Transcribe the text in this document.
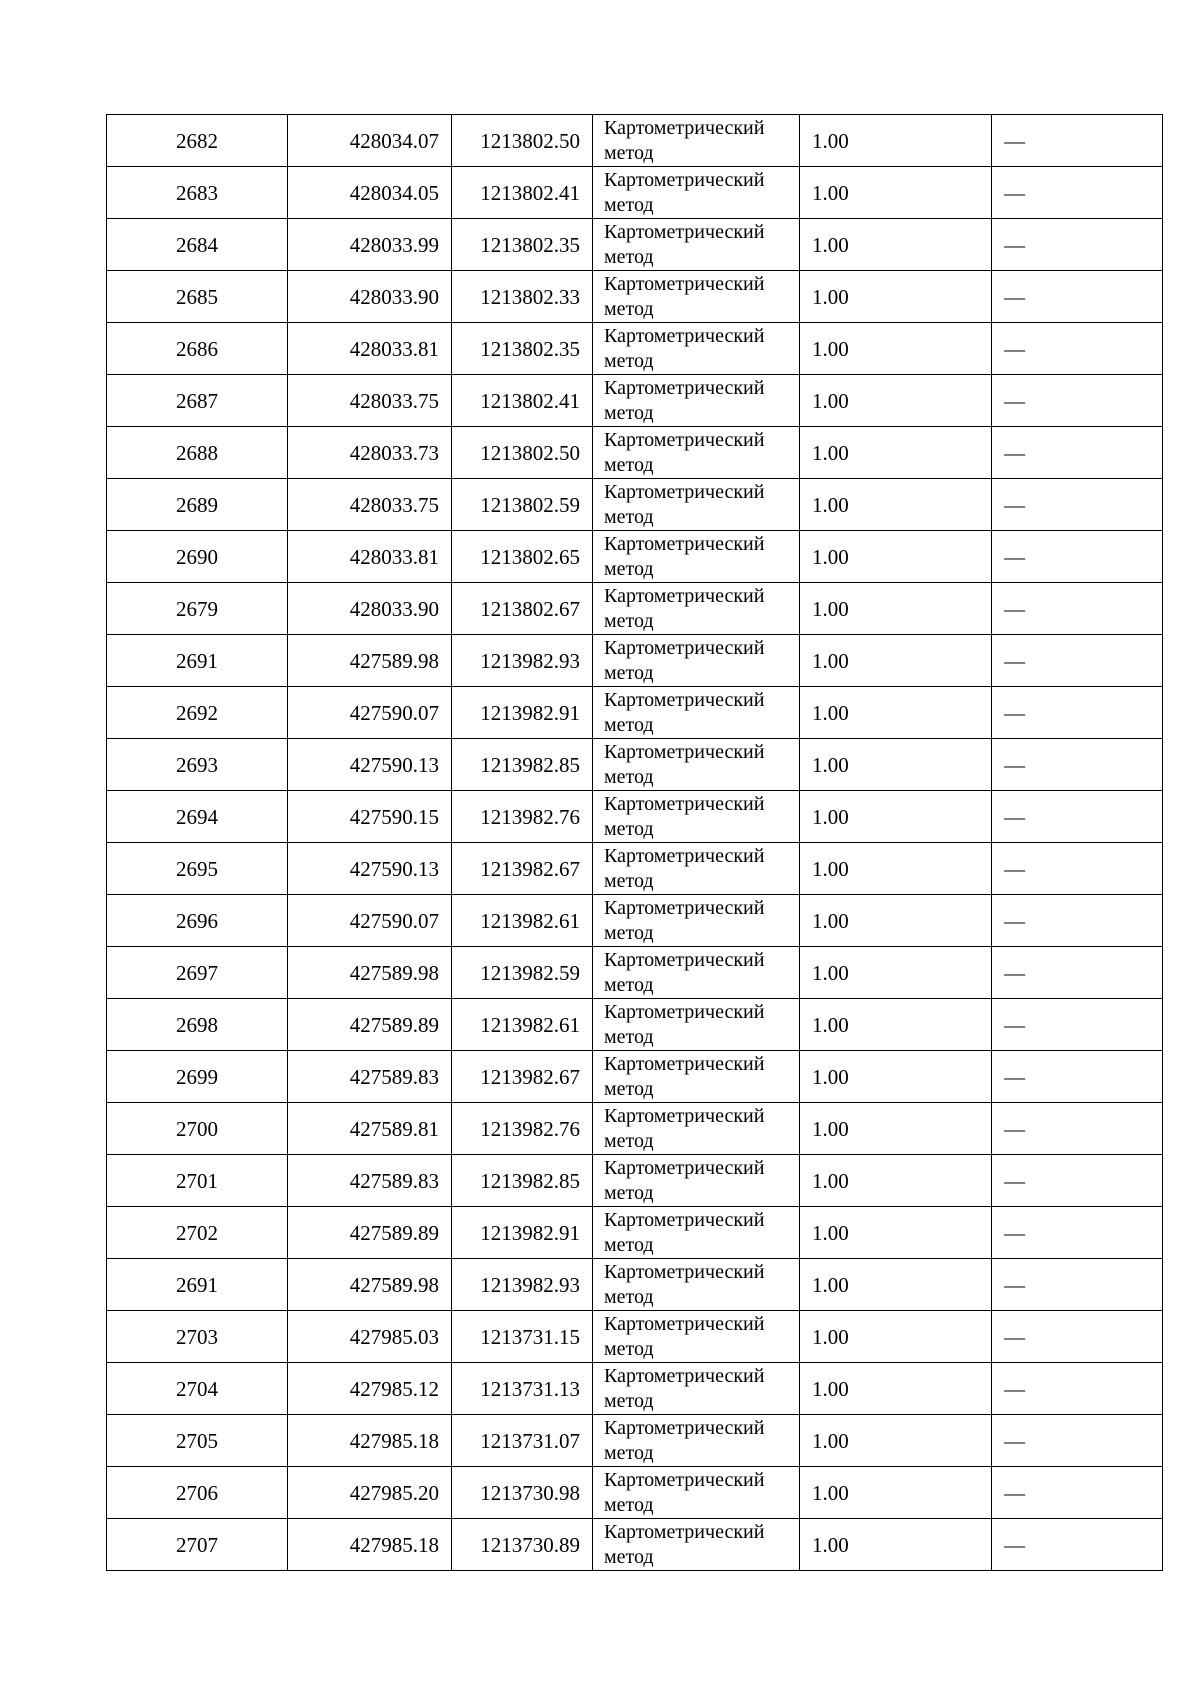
2682	428034.07	1213802.50	Картометрический
метод	1.00	—
2683	428034.05	1213802.41	Картометрический
метод	1.00	—
2684	428033.99	1213802.35	Картометрический
метод	1.00	—
2685	428033.90	1213802.33	Картометрический
метод	1.00	—
2686	428033.81	1213802.35	Картометрический
метод	1.00	—
2687	428033.75	1213802.41	Картометрический
метод	1.00	—
2688	428033.73	1213802.50	Картометрический
метод	1.00	—
2689	428033.75	1213802.59	Картометрический
метод	1.00	—
2690	428033.81	1213802.65	Картометрический
метод	1.00	—
2679	428033.90	1213802.67	Картометрический
метод	1.00	—
2691	427589.98	1213982.93	Картометрический
метод	1.00	—
2692	427590.07	1213982.91	Картометрический
метод	1.00	—
2693	427590.13	1213982.85	Картометрический
метод	1.00	—
2694	427590.15	1213982.76	Картометрический
метод	1.00	—
2695	427590.13	1213982.67	Картометрический
метод	1.00	—
2696	427590.07	1213982.61	Картометрический
метод	1.00	—
2697	427589.98	1213982.59	Картометрический
метод	1.00	—
2698	427589.89	1213982.61	Картометрический
метод	1.00	—
2699	427589.83	1213982.67	Картометрический
метод	1.00	—
2700	427589.81	1213982.76	Картометрический
метод	1.00	—
2701	427589.83	1213982.85	Картометрический
метод	1.00	—
2702	427589.89	1213982.91	Картометрический
метод	1.00	—
2691	427589.98	1213982.93	Картометрический
метод	1.00	—
2703	427985.03	1213731.15	Картометрический
метод	1.00	—
2704	427985.12	1213731.13	Картометрический
метод	1.00	—
2705	427985.18	1213731.07	Картометрический
метод	1.00	—
2706	427985.20	1213730.98	Картометрический
метод	1.00	—
2707	427985.18	1213730.89	Картометрический
метод	1.00	—
